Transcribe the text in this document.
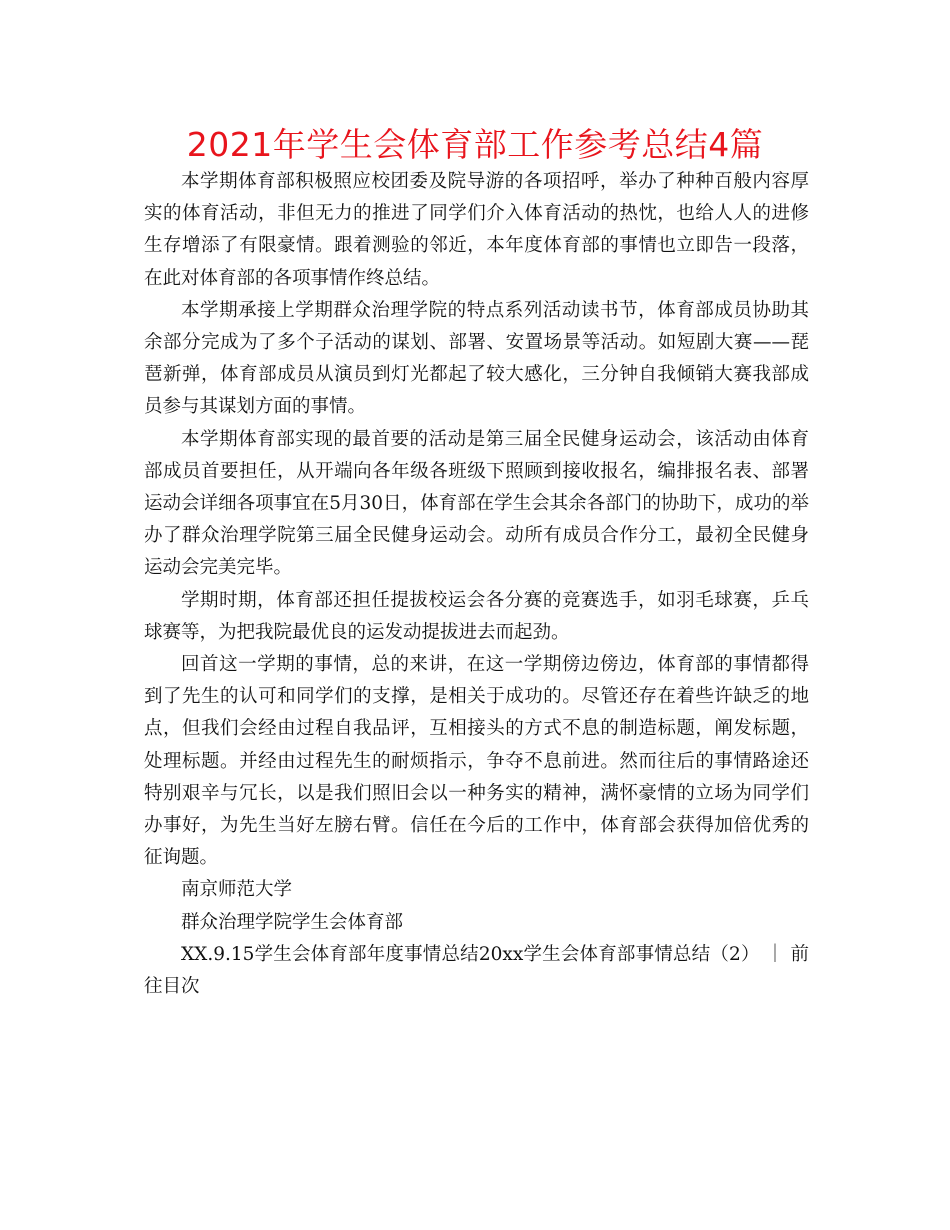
2021年学生会体育部工作参考总结4篇

本学期体育部积极照应校团委及院导游的各项招呼，举办了种种百般内容厚实的体育活动，非但无力的推进了同学们介入体育活动的热忱，也给人人的进修生存增添了有限豪情。跟着测验的邻近，本年度体育部的事情也立即告一段落，在此对体育部的各项事情作终总结。

本学期承接上学期群众治理学院的特点系列活动读书节，体育部成员协助其余部分完成为了多个子活动的谋划、部署、安置场景等活动。如短剧大赛——琵琶新弹，体育部成员从演员到灯光都起了较大感化，三分钟自我倾销大赛我部成员参与其谋划方面的事情。

本学期体育部实现的最首要的活动是第三届全民健身运动会，该活动由体育部成员首要担任，从开端向各年级各班级下照顾到接收报名，编排报名表、部署运动会详细各项事宜在5月30日，体育部在学生会其余各部门的协助下，成功的举办了群众治理学院第三届全民健身运动会。动所有成员合作分工，最初全民健身运动会完美完毕。

学期时期，体育部还担任提拔校运会各分赛的竞赛选手，如羽毛球赛，乒乓球赛等，为把我院最优良的运发动提拔进去而起劲。

回首这一学期的事情，总的来讲，在这一学期傍边傍边，体育部的事情都得到了先生的认可和同学们的支撑，是相关于成功的。尽管还存在着些许缺乏的地点，但我们会经由过程自我品评，互相接头的方式不息的制造标题，阐发标题，处理标题。并经由过程先生的耐烦指示，争夺不息前进。然而往后的事情路途还特别艰辛与冗长，以是我们照旧会以一种务实的精神，满怀豪情的立场为同学们办事好，为先生当好左膀右臂。信任在今后的工作中，体育部会获得加倍优秀的征询题。

南京师范大学

群众治理学院学生会体育部

XX.9.15学生会体育部年度事情总结20xx学生会体育部事情总结（2） ｜ 前往目次
